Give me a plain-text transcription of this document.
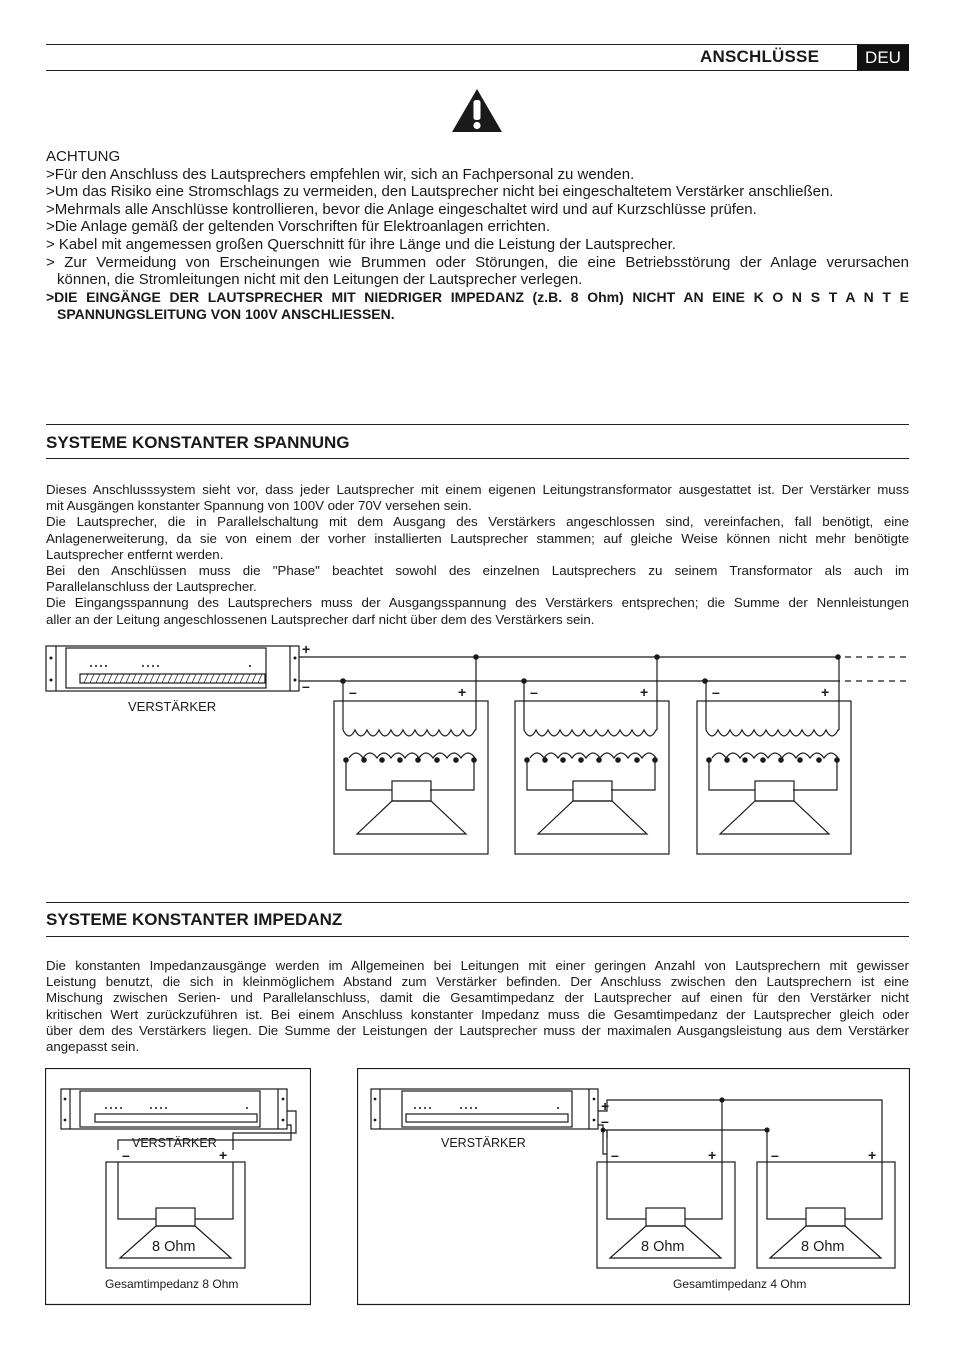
ANSCHLÜSSE	DEU

ACHTUNG

>Für den Anschluss des Lautsprechers empfehlen wir, sich an Fachpersonal zu wenden.

>Um das Risiko eine Stromschlags zu vermeiden, den Lautsprecher nicht bei eingeschaltetem Verstärker anschließen.

>Mehrmals alle Anschlüsse kontrollieren, bevor die Anlage eingeschaltet wird und auf Kurzschlüsse prüfen.

>Die Anlage gemäß der geltenden Vorschriften für Elektroanlagen errichten.

> Kabel mit angemessen großen Querschnitt für ihre Länge und die Leistung der Lautsprecher.

> Zur Vermeidung von Erscheinungen wie Brummen oder Störungen, die eine Betriebsstörung der Anlage verursachen

können, die Stromleitungen nicht mit den Leitungen der Lautsprecher verlegen.

>DIE EINGÄNGE DER LAUTSPRECHER MIT NIEDRIGER IMPEDANZ (z.B. 8 Ohm) NICHT AN EINE K O N S T A N T E

SPANNUNGSLEITUNG VON 100V ANSCHLIESSEN.

SYSTEME KONSTANTER SPANNUNG

Dieses Anschlusssystem sieht vor, dass jeder Lautsprecher mit einem eigenen Leitungstransformator ausgestattet ist. Der Verstärker muss

mit Ausgängen konstanter Spannung von 100V oder 70V versehen sein.

Die Lautsprecher, die in Parallelschaltung mit dem Ausgang des Verstärkers angeschlossen sind, vereinfachen, fall benötigt, eine

Anlagenerweiterung, da sie von einem der vorher installierten Lautsprecher stammen; auf gleiche Weise können nicht mehr benötigte

Lautsprecher entfernt werden.

Bei den Anschlüssen muss die "Phase" beachtet sowohl des einzelnen Lautsprechers zu seinem Transformator als auch im

Parallelanschluss der Lautsprecher.

Die Eingangsspannung des Lautsprechers muss der Ausgangsspannung des Verstärkers entsprechen; die Summe der Nennleistungen

aller an der Leitung angeschlossenen Lautsprecher darf nicht über dem des Verstärkers sein.

+
–	–	+	–	+	–	+
VERSTÄRKER
SYSTEME KONSTANTER IMPEDANZ

Die konstanten Impedanzausgänge werden im Allgemeinen bei Leitungen mit einer geringen Anzahl von Lautsprechern mit gewisser

Leistung benutzt, die sich in kleinmöglichem Abstand zum Verstärker befinden. Der Anschluss zwischen den Lautsprechern ist eine

Mischung zwischen Serien- und Parallelanschluss, damit die Gesamtimpedanz der Lautsprecher auf einen für den Verstärker nicht

kritischen Wert zurückzuführen ist. Bei einem Anschluss konstanter Impedanz muss die Gesamtimpedanz der Lautsprecher gleich oder

über dem des Verstärkers liegen. Die Summe der Leistungen der Lautsprecher muss der maximalen Ausgangsleistung aus dem Verstärker

angepasst sein.

–	+
VERSTÄRKER
8 Ohm
Gesamtimpedanz 8 Ohm
+
–
–	+	–	+
VERSTÄRKER
8 Ohm	8 Ohm
Gesamtimpedanz 4 Ohm
